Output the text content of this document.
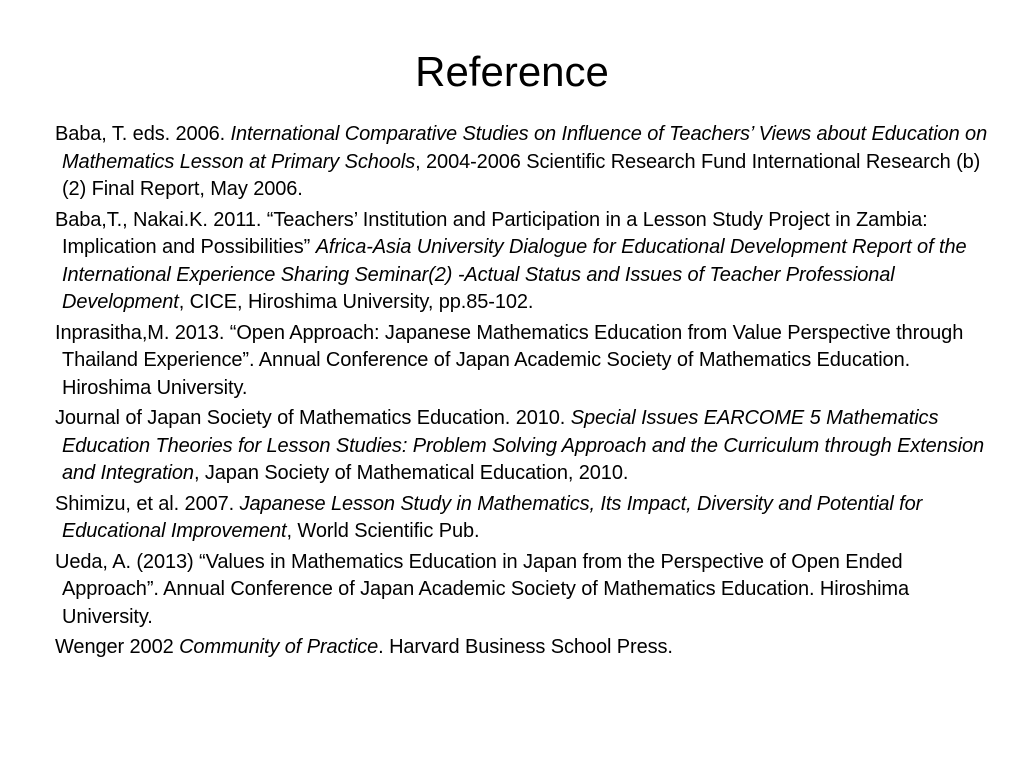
Reference
Baba, T. eds. 2006. International Comparative Studies on Influence of Teachers’ Views about Education on Mathematics Lesson at Primary Schools, 2004-2006 Scientific Research Fund International Research (b) (2) Final Report, May 2006.
Baba,T., Nakai.K. 2011. “Teachers’ Institution and Participation in a Lesson Study Project in Zambia: Implication and Possibilities” Africa-Asia University Dialogue for Educational Development Report of the International Experience Sharing Seminar(2) -Actual Status and Issues of Teacher Professional Development, CICE, Hiroshima University, pp.85-102.
Inprasitha,M. 2013. “Open Approach: Japanese Mathematics Education from Value Perspective through Thailand Experience”. Annual Conference of Japan Academic Society of Mathematics Education. Hiroshima University.
Journal of Japan Society of Mathematics Education. 2010. Special Issues EARCOME 5 Mathematics Education Theories for Lesson Studies: Problem Solving Approach and the Curriculum through Extension and Integration, Japan Society of Mathematical Education, 2010.
Shimizu, et al. 2007. Japanese Lesson Study in Mathematics, Its Impact, Diversity and Potential for Educational Improvement, World Scientific Pub.
Ueda, A. (2013) “Values in Mathematics Education in Japan from the Perspective of Open Ended Approach”. Annual Conference of Japan Academic Society of Mathematics Education. Hiroshima University.
Wenger 2002 Community of Practice. Harvard Business School Press.
